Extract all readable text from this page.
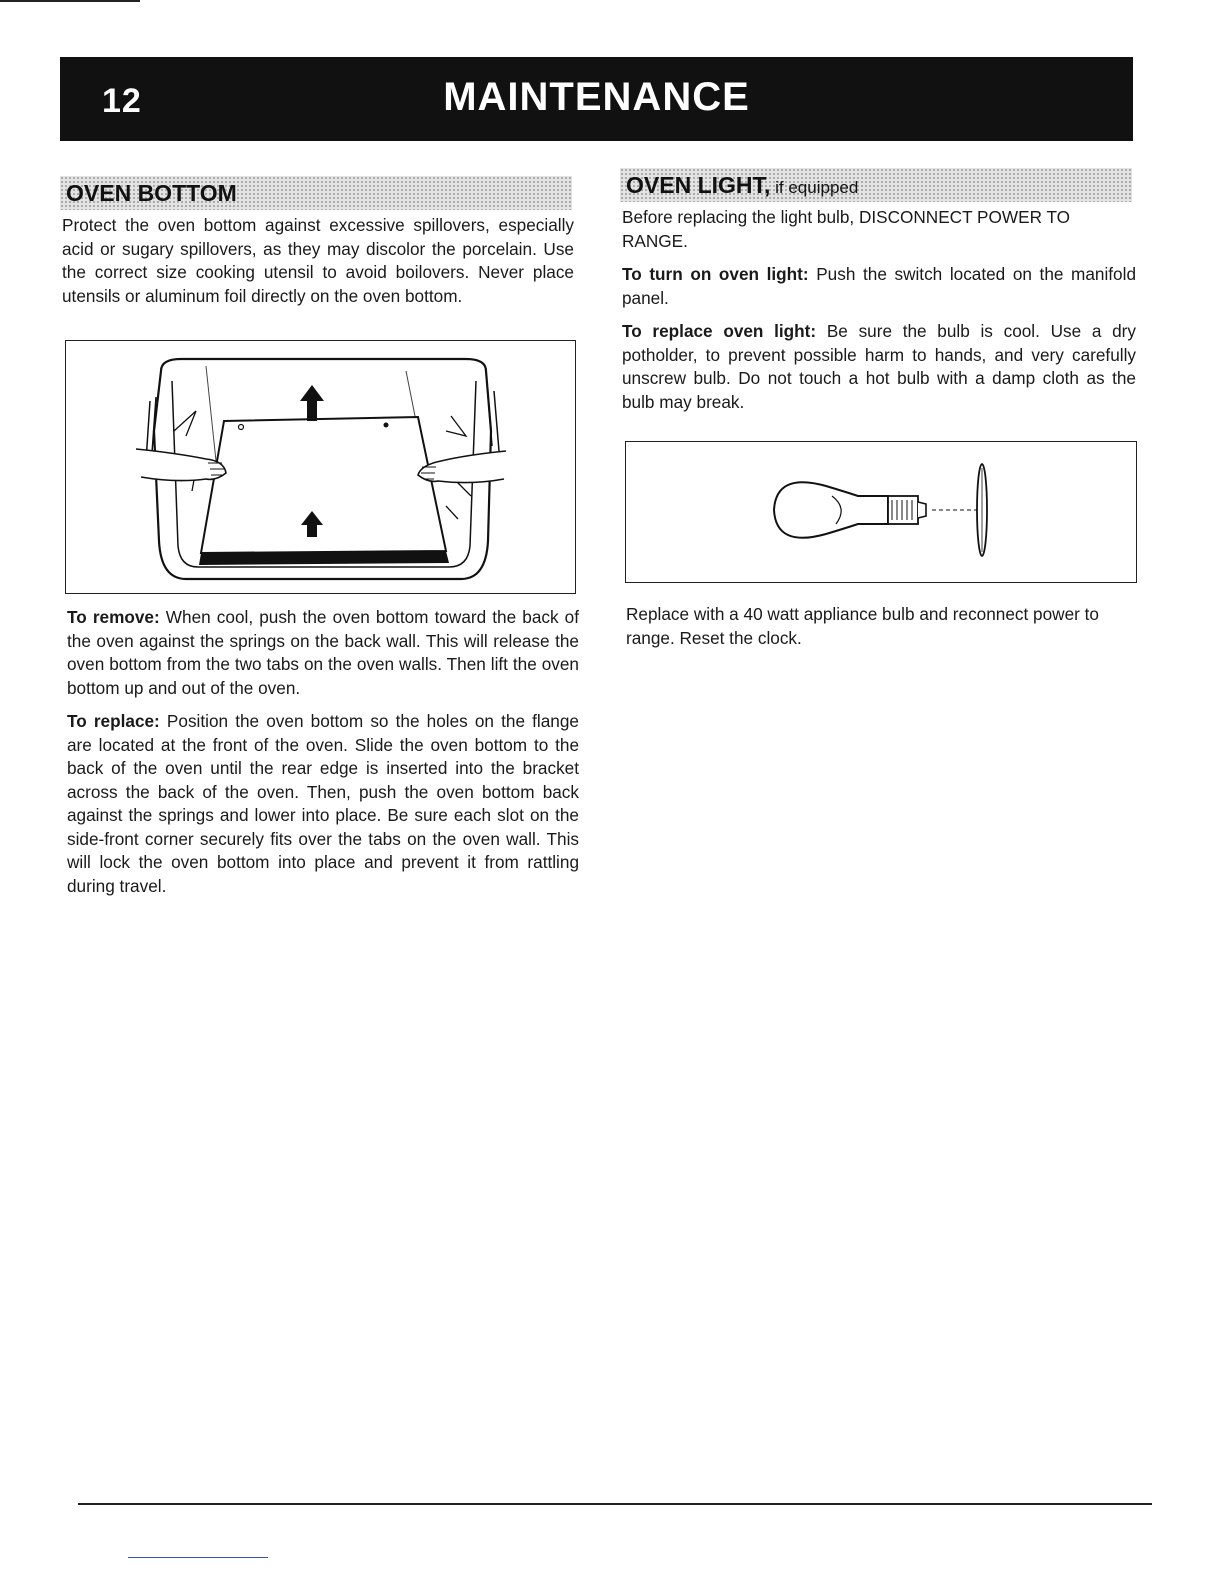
12	MAINTENANCE
OVEN BOTTOM

Protect the oven bottom against excessive spillovers, especially acid or sugary spillovers, as they may discolor the porcelain. Use the correct size cooking utensil to avoid boilovers. Never place utensils or aluminum foil directly on the oven bottom.

To remove: When cool, push the oven bottom toward the back of the oven against the springs on the back wall. This will release the oven bottom from the two tabs on the oven walls. Then lift the oven bottom up and out of the oven.

To replace: Position the oven bottom so the holes on the flange are located at the front of the oven. Slide the oven bottom to the back of the oven until the rear edge is inserted into the bracket across the back of the oven. Then, push the oven bottom back against the springs and lower into place. Be sure each slot on the side-front corner securely fits over the tabs on the oven wall. This will lock the oven bottom into place and prevent it from rattling during travel.

OVEN LIGHT, if equipped

Before replacing the light bulb, DISCONNECT POWER TO RANGE.

To turn on oven light: Push the switch located on the manifold panel.

To replace oven light: Be sure the bulb is cool. Use a dry potholder, to prevent possible harm to hands, and very carefully unscrew bulb. Do not touch a hot bulb with a damp cloth as the bulb may break.

Replace with a 40 watt appliance bulb and reconnect power to range. Reset the clock.
